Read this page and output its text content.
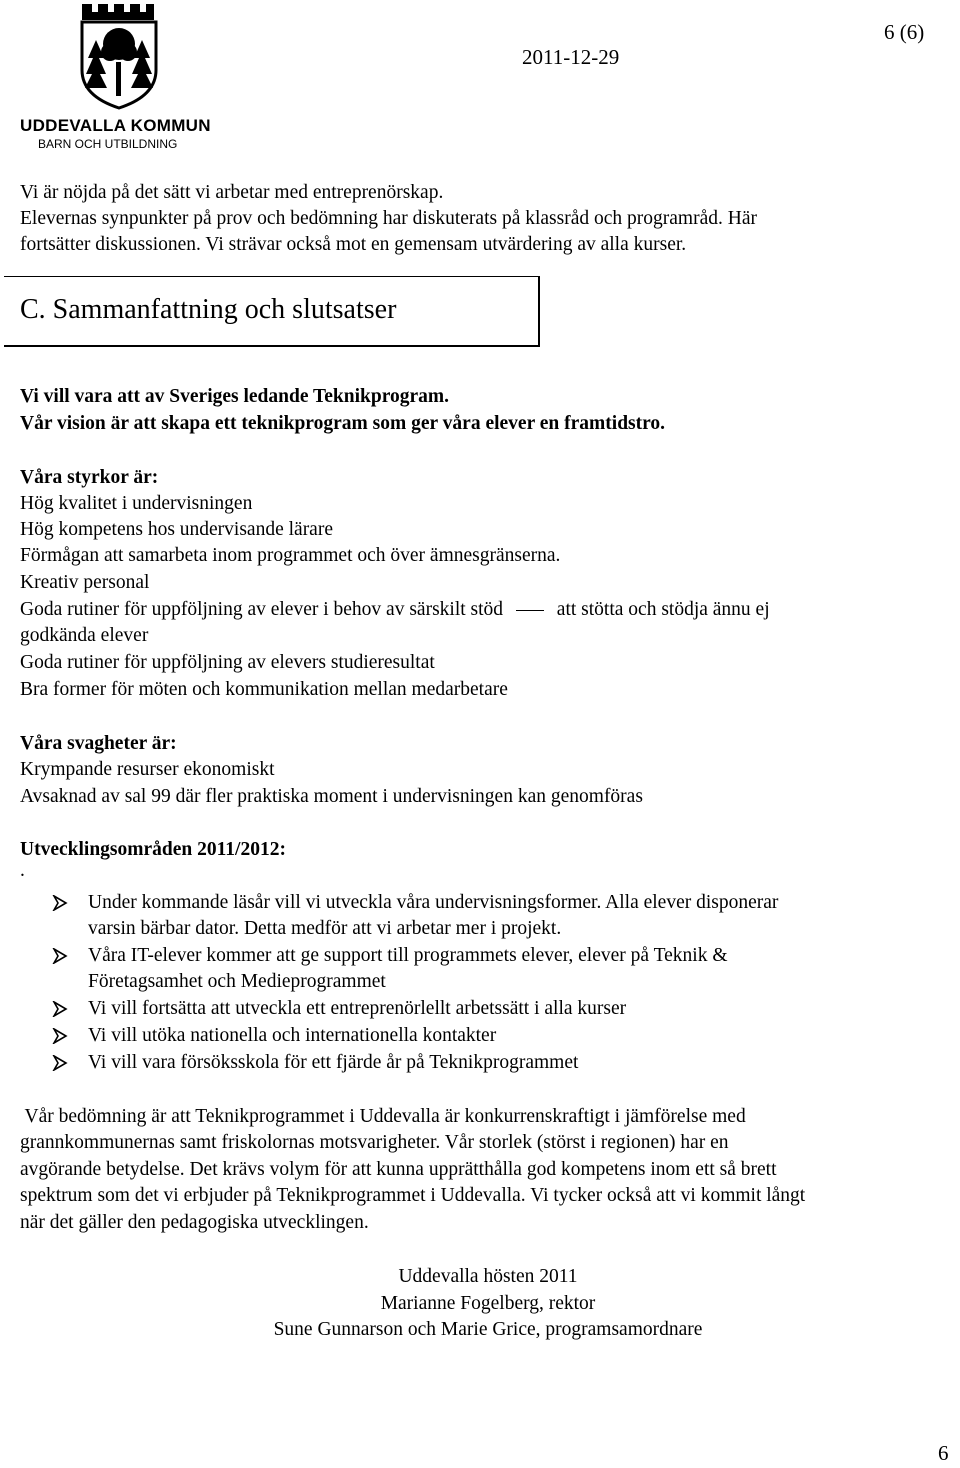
UDDEVALLA KOMMUN
BARN OCH UTBILDNING
2011-12-29
6 (6)
Vi är nöjda på det sätt vi arbetar med entreprenörskap.
Elevernas synpunkter på prov och bedömning har diskuterats på klassråd och programråd. Här
fortsätter diskussionen. Vi strävar också mot en gemensam utvärdering av alla kurser.
C. Sammanfattning och slutsatser
Vi vill vara att av Sveriges ledande Teknikprogram.
Vår vision är att skapa ett teknikprogram som ger våra elever en framtidstro.
Våra styrkor är:
Hög kvalitet i undervisningen
Hög kompetens hos undervisande lärare
Förmågan att samarbeta inom programmet och över ämnesgränserna.
Kreativ personal
Goda rutiner för uppföljning av elever i behov av särskilt stöd	att stötta och stödja ännu ej
godkända elever
Goda rutiner för uppföljning av elevers studieresultat
Bra former för möten och kommunikation mellan medarbetare
Våra svagheter är:
Krympande resurser ekonomiskt
Avsaknad av sal 99 där fler praktiska moment i undervisningen kan genomföras
Utvecklingsområden 2011/2012:
.
Under kommande läsår vill vi utveckla våra undervisningsformer. Alla elever disponerar
varsin bärbar dator. Detta medför att vi arbetar mer i projekt.
Våra IT-elever kommer att ge support till programmets elever, elever på Teknik &
Företagsamhet och Medieprogrammet
Vi vill fortsätta att utveckla ett entreprenörlellt arbetssätt i alla kurser
Vi vill utöka nationella och internationella kontakter
Vi vill vara försöksskola för ett fjärde år på Teknikprogrammet
Vår bedömning är att Teknikprogrammet i Uddevalla är konkurrenskraftigt i jämförelse med
grannkommunernas samt friskolornas motsvarigheter. Vår storlek (störst i regionen) har en
avgörande betydelse. Det krävs volym för att kunna upprätthålla god kompetens inom ett så brett
spektrum som det vi erbjuder på Teknikprogrammet i Uddevalla. Vi tycker också att vi kommit långt
när det gäller den pedagogiska utvecklingen.
Uddevalla hösten 2011
Marianne Fogelberg, rektor
Sune Gunnarson och Marie Grice, programsamordnare
6
